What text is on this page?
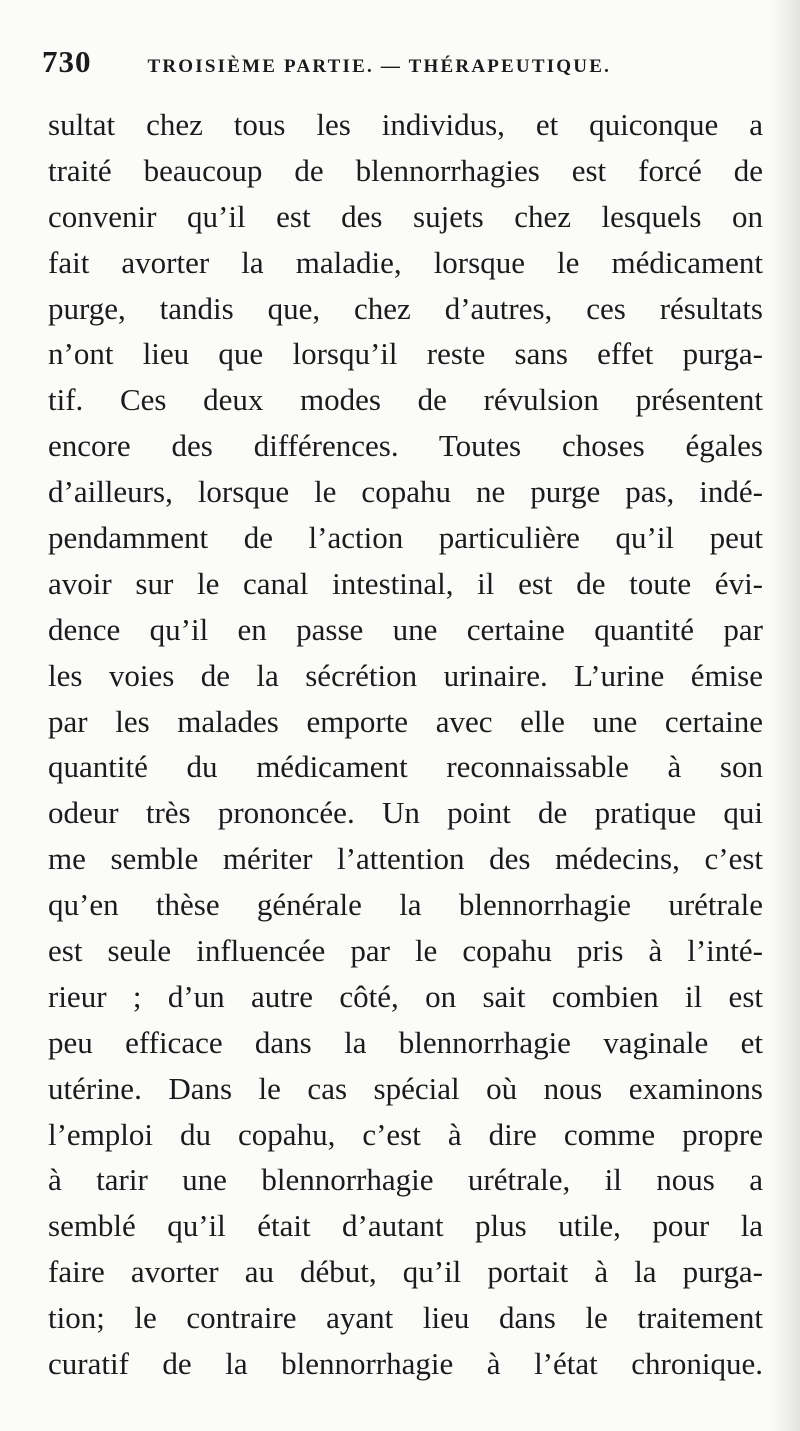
730	TROISIÈME PARTIE. — THÉRAPEUTIQUE.
sultat chez tous les individus, et quiconque a
traité beaucoup de blennorrhagies est forcé de
convenir qu’il est des sujets chez lesquels on
fait avorter la maladie, lorsque le médicament
purge, tandis que, chez d’autres, ces résultats
n’ont lieu que lorsqu’il reste sans effet purga-
tif. Ces deux modes de révulsion présentent
encore des différences. Toutes choses égales
d’ailleurs, lorsque le copahu ne purge pas, indé-
pendamment de l’action particulière qu’il peut
avoir sur le canal intestinal, il est de toute évi-
dence qu’il en passe une certaine quantité par
les voies de la sécrétion urinaire. L’urine émise
par les malades emporte avec elle une certaine
quantité du médicament reconnaissable à son
odeur très prononcée. Un point de pratique qui
me semble mériter l’attention des médecins, c’est
qu’en thèse générale la blennorrhagie urétrale
est seule influencée par le copahu pris à l’inté-
rieur ; d’un autre côté, on sait combien il est
peu efficace dans la blennorrhagie vaginale et
utérine. Dans le cas spécial où nous examinons
l’emploi du copahu, c’est à dire comme propre
à tarir une blennorrhagie urétrale, il nous a
semblé qu’il était d’autant plus utile, pour la
faire avorter au début, qu’il portait à la purga-
tion; le contraire ayant lieu dans le traitement
curatif de la blennorrhagie à l’état chronique.
